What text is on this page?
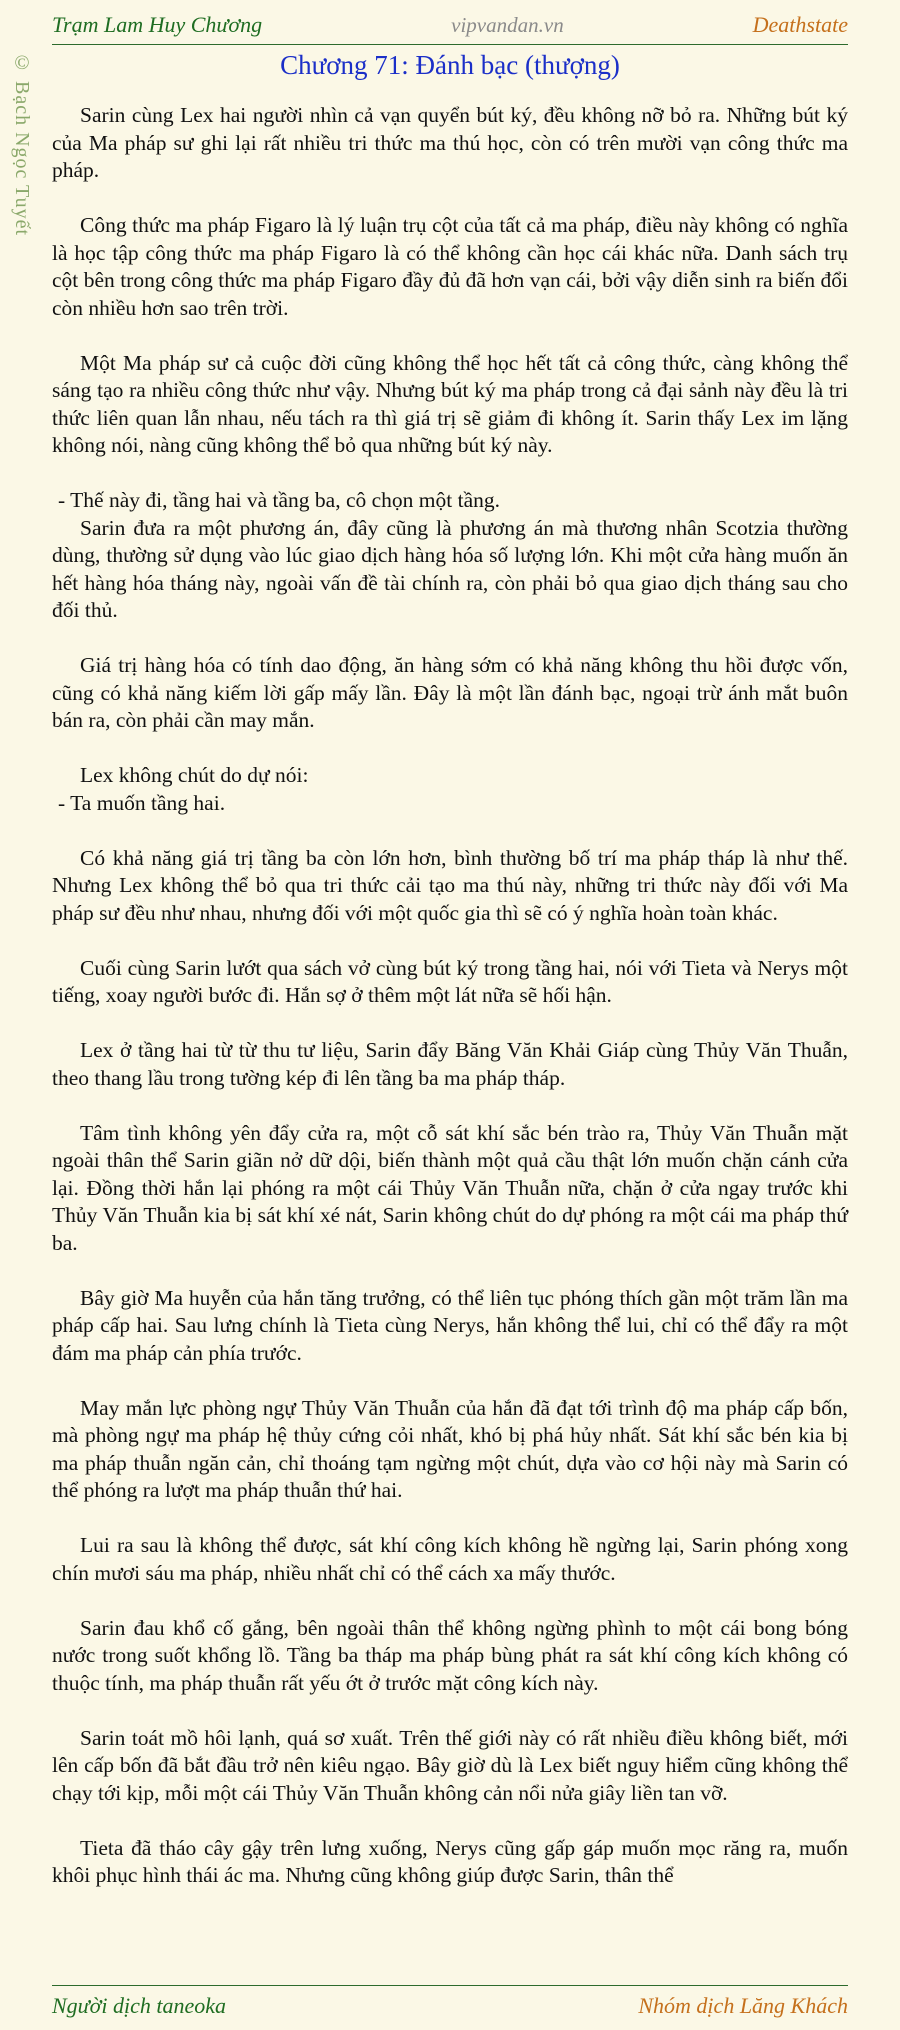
Trạm Lam Huy Chương	vipvandan.vn	Deathstate
© Bạch Ngọc Tuyết	Chương 71: Đánh bạc (thượng)

Sarin cùng Lex hai người nhìn cả vạn quyển bút ký, đều không nỡ bỏ ra. Những bút ký của Ma pháp sư ghi lại rất nhiều tri thức ma thú học, còn có trên mười vạn công thức ma pháp.

Công thức ma pháp Figaro là lý luận trụ cột của tất cả ma pháp, điều này không có nghĩa là học tập công thức ma pháp Figaro là có thể không cần học cái khác nữa. Danh sách trụ cột bên trong công thức ma pháp Figaro đầy đủ đã hơn vạn cái, bởi vậy diễn sinh ra biến đổi còn nhiều hơn sao trên trời.

Một Ma pháp sư cả cuộc đời cũng không thể học hết tất cả công thức, càng không thể sáng tạo ra nhiều công thức như vậy. Nhưng bút ký ma pháp trong cả đại sảnh này đều là tri thức liên quan lẫn nhau, nếu tách ra thì giá trị sẽ giảm đi không ít. Sarin thấy Lex im lặng không nói, nàng cũng không thể bỏ qua những bút ký này.

- Thế này đi, tầng hai và tầng ba, cô chọn một tầng.

Sarin đưa ra một phương án, đây cũng là phương án mà thương nhân Scotzia thường dùng, thường sử dụng vào lúc giao dịch hàng hóa số lượng lớn. Khi một cửa hàng muốn ăn hết hàng hóa tháng này, ngoài vấn đề tài chính ra, còn phải bỏ qua giao dịch tháng sau cho đối thủ.

Giá trị hàng hóa có tính dao động, ăn hàng sớm có khả năng không thu hồi được vốn, cũng có khả năng kiếm lời gấp mấy lần. Đây là một lần đánh bạc, ngoại trừ ánh mắt buôn bán ra, còn phải cần may mắn.

Lex không chút do dự nói:

- Ta muốn tầng hai.

Có khả năng giá trị tầng ba còn lớn hơn, bình thường bố trí ma pháp tháp là như thế. Nhưng Lex không thể bỏ qua tri thức cải tạo ma thú này, những tri thức này đối với Ma pháp sư đều như nhau, nhưng đối với một quốc gia thì sẽ có ý nghĩa hoàn toàn khác.

Cuối cùng Sarin lướt qua sách vở cùng bút ký trong tầng hai, nói với Tieta và Nerys một tiếng, xoay người bước đi. Hắn sợ ở thêm một lát nữa sẽ hối hận.

Lex ở tầng hai từ từ thu tư liệu, Sarin đẩy Băng Văn Khải Giáp cùng Thủy Văn Thuẫn, theo thang lầu trong tường kép đi lên tầng ba ma pháp tháp.

Tâm tình không yên đẩy cửa ra, một cỗ sát khí sắc bén trào ra, Thủy Văn Thuẫn mặt ngoài thân thể Sarin giãn nở dữ dội, biến thành một quả cầu thật lớn muốn chặn cánh cửa lại. Đồng thời hắn lại phóng ra một cái Thủy Văn Thuẫn nữa, chặn ở cửa ngay trước khi Thủy Văn Thuẫn kia bị sát khí xé nát, Sarin không chút do dự phóng ra một cái ma pháp thứ ba.

Bây giờ Ma huyễn của hắn tăng trưởng, có thể liên tục phóng thích gần một trăm lần ma pháp cấp hai. Sau lưng chính là Tieta cùng Nerys, hắn không thể lui, chỉ có thể đẩy ra một đám ma pháp cản phía trước.

May mắn lực phòng ngự Thủy Văn Thuẫn của hắn đã đạt tới trình độ ma pháp cấp bốn, mà phòng ngự ma pháp hệ thủy cứng cỏi nhất, khó bị phá hủy nhất. Sát khí sắc bén kia bị ma pháp thuẫn ngăn cản, chỉ thoáng tạm ngừng một chút, dựa vào cơ hội này mà Sarin có thể phóng ra lượt ma pháp thuẫn thứ hai.

Lui ra sau là không thể được, sát khí công kích không hề ngừng lại, Sarin phóng xong chín mươi sáu ma pháp, nhiều nhất chỉ có thể cách xa mấy thước.

Sarin đau khổ cố gắng, bên ngoài thân thể không ngừng phình to một cái bong bóng nước trong suốt khổng lồ. Tầng ba tháp ma pháp bùng phát ra sát khí công kích không có thuộc tính, ma pháp thuẫn rất yếu ớt ở trước mặt công kích này.

Sarin toát mồ hôi lạnh, quá sơ xuất. Trên thế giới này có rất nhiều điều không biết, mới lên cấp bốn đã bắt đầu trở nên kiêu ngạo. Bây giờ dù là Lex biết nguy hiểm cũng không thể chạy tới kịp, mỗi một cái Thủy Văn Thuẫn không cản nổi nửa giây liền tan vỡ.

Tieta đã tháo cây gậy trên lưng xuống, Nerys cũng gấp gáp muốn mọc răng ra, muốn khôi phục hình thái ác ma. Nhưng cũng không giúp được Sarin, thân thể

Người dịch taneoka	Nhóm dịch Lăng Khách
